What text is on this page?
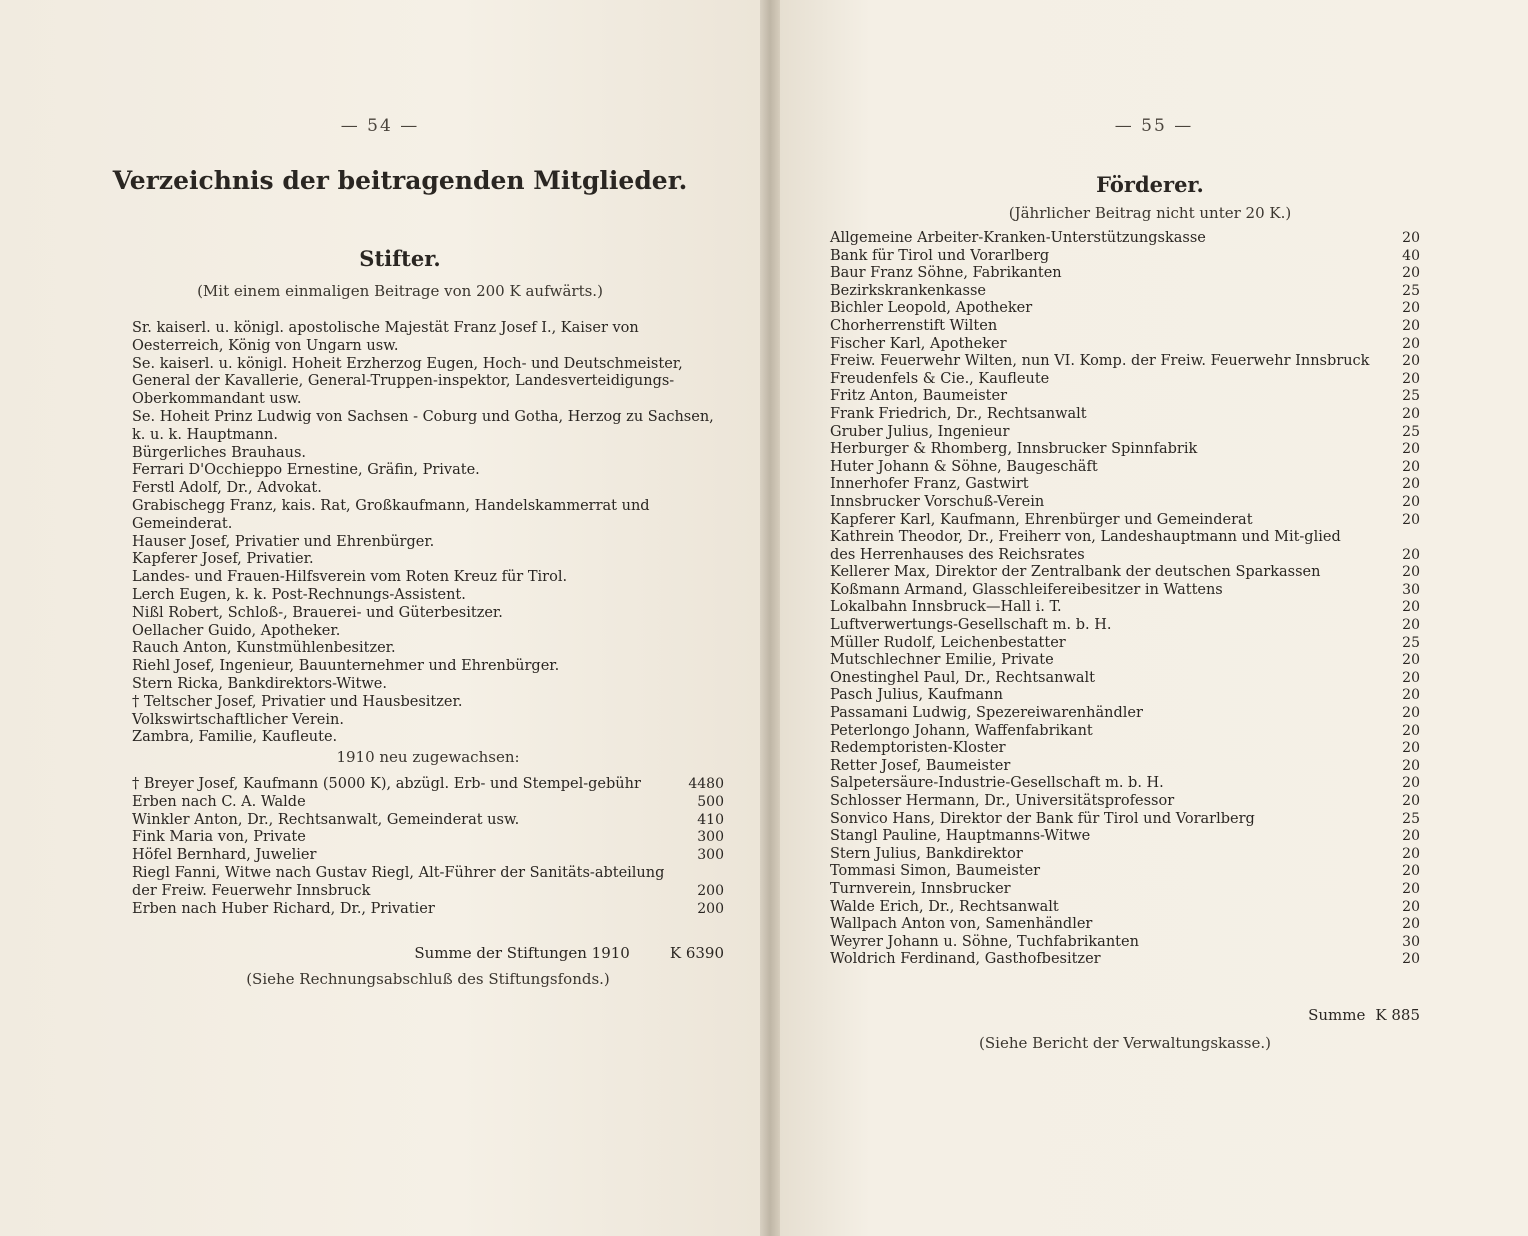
— 54 —
Verzeichnis der beitragenden Mitglieder.
Stifter.
(Mit einem einmaligen Beitrage von 200 K aufwärts.)
Sr. kaiserl. u. königl. apostolische Majestät Franz Josef I., Kaiser von Oesterreich, König von Ungarn usw.
Se. kaiserl. u. königl. Hoheit Erzherzog Eugen, Hoch- und Deutschmeister, General der Kavallerie, General-Truppen-inspektor, Landesverteidigungs-Oberkommandant usw.
Se. Hoheit Prinz Ludwig von Sachsen - Coburg und Gotha, Herzog zu Sachsen, k. u. k. Hauptmann.
Bürgerliches Brauhaus.
Ferrari D'Occhieppo Ernestine, Gräfin, Private.
Ferstl Adolf, Dr., Advokat.
Grabischegg Franz, kais. Rat, Großkaufmann, Handelskammerrat und Gemeinderat.
Hauser Josef, Privatier und Ehrenbürger.
Kapferer Josef, Privatier.
Landes- und Frauen-Hilfsverein vom Roten Kreuz für Tirol.
Lerch Eugen, k. k. Post-Rechnungs-Assistent.
Nißl Robert, Schloß-, Brauerei- und Güterbesitzer.
Oellacher Guido, Apotheker.
Rauch Anton, Kunstmühlenbesitzer.
Riehl Josef, Ingenieur, Bauunternehmer und Ehrenbürger.
Stern Ricka, Bankdirektors-Witwe.
† Teltscher Josef, Privatier und Hausbesitzer.
Volkswirtschaftlicher Verein.
Zambra, Familie, Kaufleute.
1910 neu zugewachsen:
† Breyer Josef, Kaufmann (5000 K), abzügl. Erb- und Stempel-gebühr	4480
Erben nach C. A. Walde	500
Winkler Anton, Dr., Rechtsanwalt, Gemeinderat usw.	410
Fink Maria von, Private	300
Höfel Bernhard, Juwelier	300
Riegl Fanni, Witwe nach Gustav Riegl, Alt-Führer der Sanitäts-abteilung der Freiw. Feuerwehr Innsbruck	200
Erben nach Huber Richard, Dr., Privatier	200
Summe der Stiftungen 1910	K 6390
(Siehe Rechnungsabschluß des Stiftungsfonds.)
— 55 —
Förderer.
(Jährlicher Beitrag nicht unter 20 K.)
Allgemeine Arbeiter-Kranken-Unterstützungskasse	20
Bank für Tirol und Vorarlberg	40
Baur Franz Söhne, Fabrikanten	20
Bezirkskrankenkasse	25
Bichler Leopold, Apotheker	20
Chorherrenstift Wilten	20
Fischer Karl, Apotheker	20
Freiw. Feuerwehr Wilten, nun VI. Komp. der Freiw. Feuerwehr Innsbruck	20
Freudenfels & Cie., Kaufleute	20
Fritz Anton, Baumeister	25
Frank Friedrich, Dr., Rechtsanwalt	20
Gruber Julius, Ingenieur	25
Herburger & Rhomberg, Innsbrucker Spinnfabrik	20
Huter Johann & Söhne, Baugeschäft	20
Innerhofer Franz, Gastwirt	20
Innsbrucker Vorschuß-Verein	20
Kapferer Karl, Kaufmann, Ehrenbürger und Gemeinderat	20
Kathrein Theodor, Dr., Freiherr von, Landeshauptmann und Mit-glied des Herrenhauses des Reichsrates	20
Kellerer Max, Direktor der Zentralbank der deutschen Sparkassen	20
Koßmann Armand, Glasschleifereibesitzer in Wattens	30
Lokalbahn Innsbruck—Hall i. T.	20
Luftverwertungs-Gesellschaft m. b. H.	20
Müller Rudolf, Leichenbestatter	25
Mutschlechner Emilie, Private	20
Onestinghel Paul, Dr., Rechtsanwalt	20
Pasch Julius, Kaufmann	20
Passamani Ludwig, Spezereiwarenhändler	20
Peterlongo Johann, Waffenfabrikant	20
Redemptoristen-Kloster	20
Retter Josef, Baumeister	20
Salpetersäure-Industrie-Gesellschaft m. b. H.	20
Schlosser Hermann, Dr., Universitätsprofessor	20
Sonvico Hans, Direktor der Bank für Tirol und Vorarlberg	25
Stangl Pauline, Hauptmanns-Witwe	20
Stern Julius, Bankdirektor	20
Tommasi Simon, Baumeister	20
Turnverein, Innsbrucker	20
Walde Erich, Dr., Rechtsanwalt	20
Wallpach Anton von, Samenhändler	20
Weyrer Johann u. Söhne, Tuchfabrikanten	30
Woldrich Ferdinand, Gasthofbesitzer	20
Summe K 885
(Siehe Bericht der Verwaltungskasse.)
